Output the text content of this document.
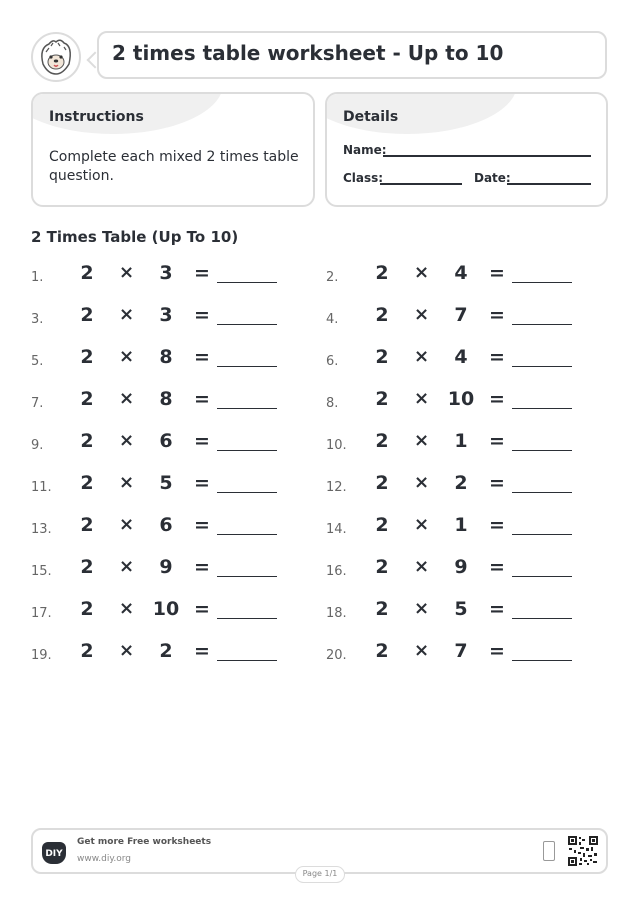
2 times table worksheet - Up to 10
Instructions
Complete each mixed 2 times table question.
Details
Name:
Class:	Date:
2 Times Table (Up To 10)
1. 2 ×	3	=	2. 2 ×	4	=
3. 2 ×	3	=	4. 2 ×	7	=
5. 2 ×	8	=	6. 2 ×	4	=
7. 2 ×	8	=	8. 2 × 10 =
9. 2 ×	6	=	10. 2 ×	1	=
11. 2 ×	5	=	12. 2 ×	2	=
13. 2 ×	6	=	14. 2 ×	1	=
15. 2 ×	9	=	16. 2 ×	9	=
17. 2 × 10 =	18. 2 ×	5	=
19. 2 ×	2	=	20. 2 ×	7	=
DIY
Get more Free worksheets
www.diy.org
Page 1/1
